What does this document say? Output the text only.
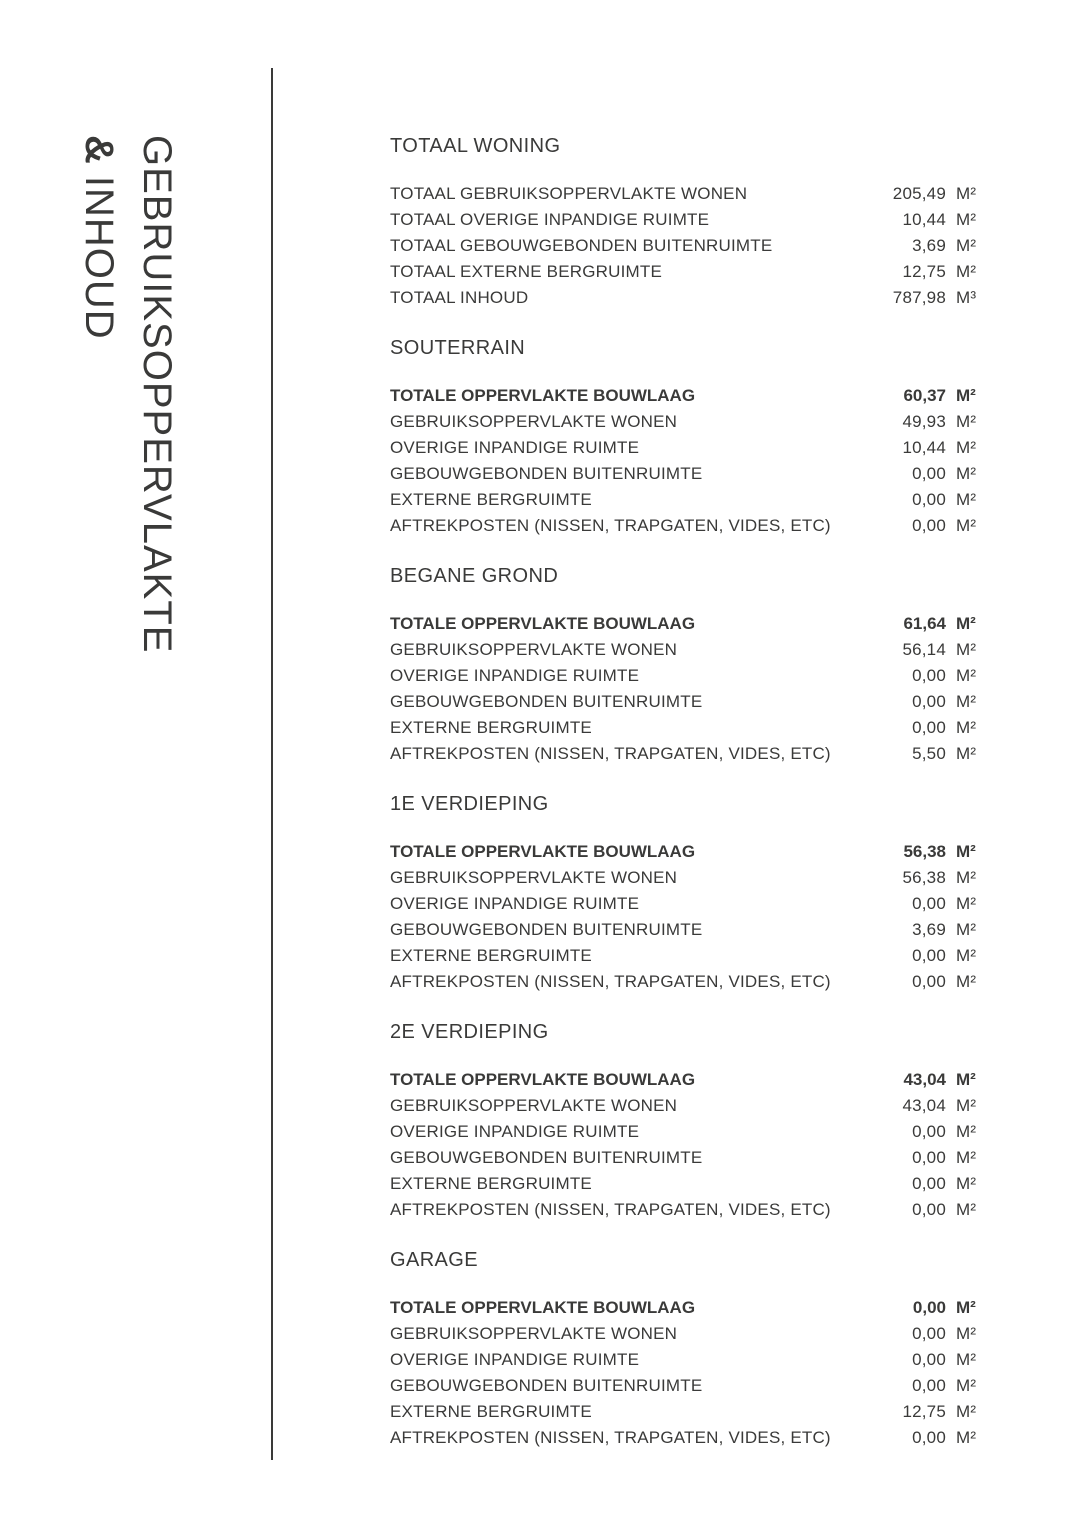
GEBRUIKSOPPERVLAKTE
&INHOUD
TOTAAL WONING
TOTAAL GEBRUIKSOPPERVLAKTE WONEN	205,49 M²
TOTAAL OVERIGE INPANDIGE RUIMTE	10,44 M²
TOTAAL GEBOUWGEBONDEN BUITENRUIMTE	3,69 M²
TOTAAL EXTERNE BERGRUIMTE	12,75 M²
TOTAAL INHOUD	787,98 M³
SOUTERRAIN
TOTALE OPPERVLAKTE BOUWLAAG	60,37 M²
GEBRUIKSOPPERVLAKTE WONEN	49,93 M²
OVERIGE INPANDIGE RUIMTE	10,44 M²
GEBOUWGEBONDEN BUITENRUIMTE	0,00 M²
EXTERNE BERGRUIMTE	0,00 M²
AFTREKPOSTEN (NISSEN, TRAPGATEN, VIDES, ETC)	0,00 M²
BEGANE GROND
TOTALE OPPERVLAKTE BOUWLAAG	61,64 M²
GEBRUIKSOPPERVLAKTE WONEN	56,14 M²
OVERIGE INPANDIGE RUIMTE	0,00 M²
GEBOUWGEBONDEN BUITENRUIMTE	0,00 M²
EXTERNE BERGRUIMTE	0,00 M²
AFTREKPOSTEN (NISSEN, TRAPGATEN, VIDES, ETC)	5,50 M²
1E VERDIEPING
TOTALE OPPERVLAKTE BOUWLAAG	56,38 M²
GEBRUIKSOPPERVLAKTE WONEN	56,38 M²
OVERIGE INPANDIGE RUIMTE	0,00 M²
GEBOUWGEBONDEN BUITENRUIMTE	3,69 M²
EXTERNE BERGRUIMTE	0,00 M²
AFTREKPOSTEN (NISSEN, TRAPGATEN, VIDES, ETC)	0,00 M²
2E VERDIEPING
TOTALE OPPERVLAKTE BOUWLAAG	43,04 M²
GEBRUIKSOPPERVLAKTE WONEN	43,04 M²
OVERIGE INPANDIGE RUIMTE	0,00 M²
GEBOUWGEBONDEN BUITENRUIMTE	0,00 M²
EXTERNE BERGRUIMTE	0,00 M²
AFTREKPOSTEN (NISSEN, TRAPGATEN, VIDES, ETC)	0,00 M²
GARAGE
TOTALE OPPERVLAKTE BOUWLAAG	0,00 M²
GEBRUIKSOPPERVLAKTE WONEN	0,00 M²
OVERIGE INPANDIGE RUIMTE	0,00 M²
GEBOUWGEBONDEN BUITENRUIMTE	0,00 M²
EXTERNE BERGRUIMTE	12,75 M²
AFTREKPOSTEN (NISSEN, TRAPGATEN, VIDES, ETC)	0,00 M²
